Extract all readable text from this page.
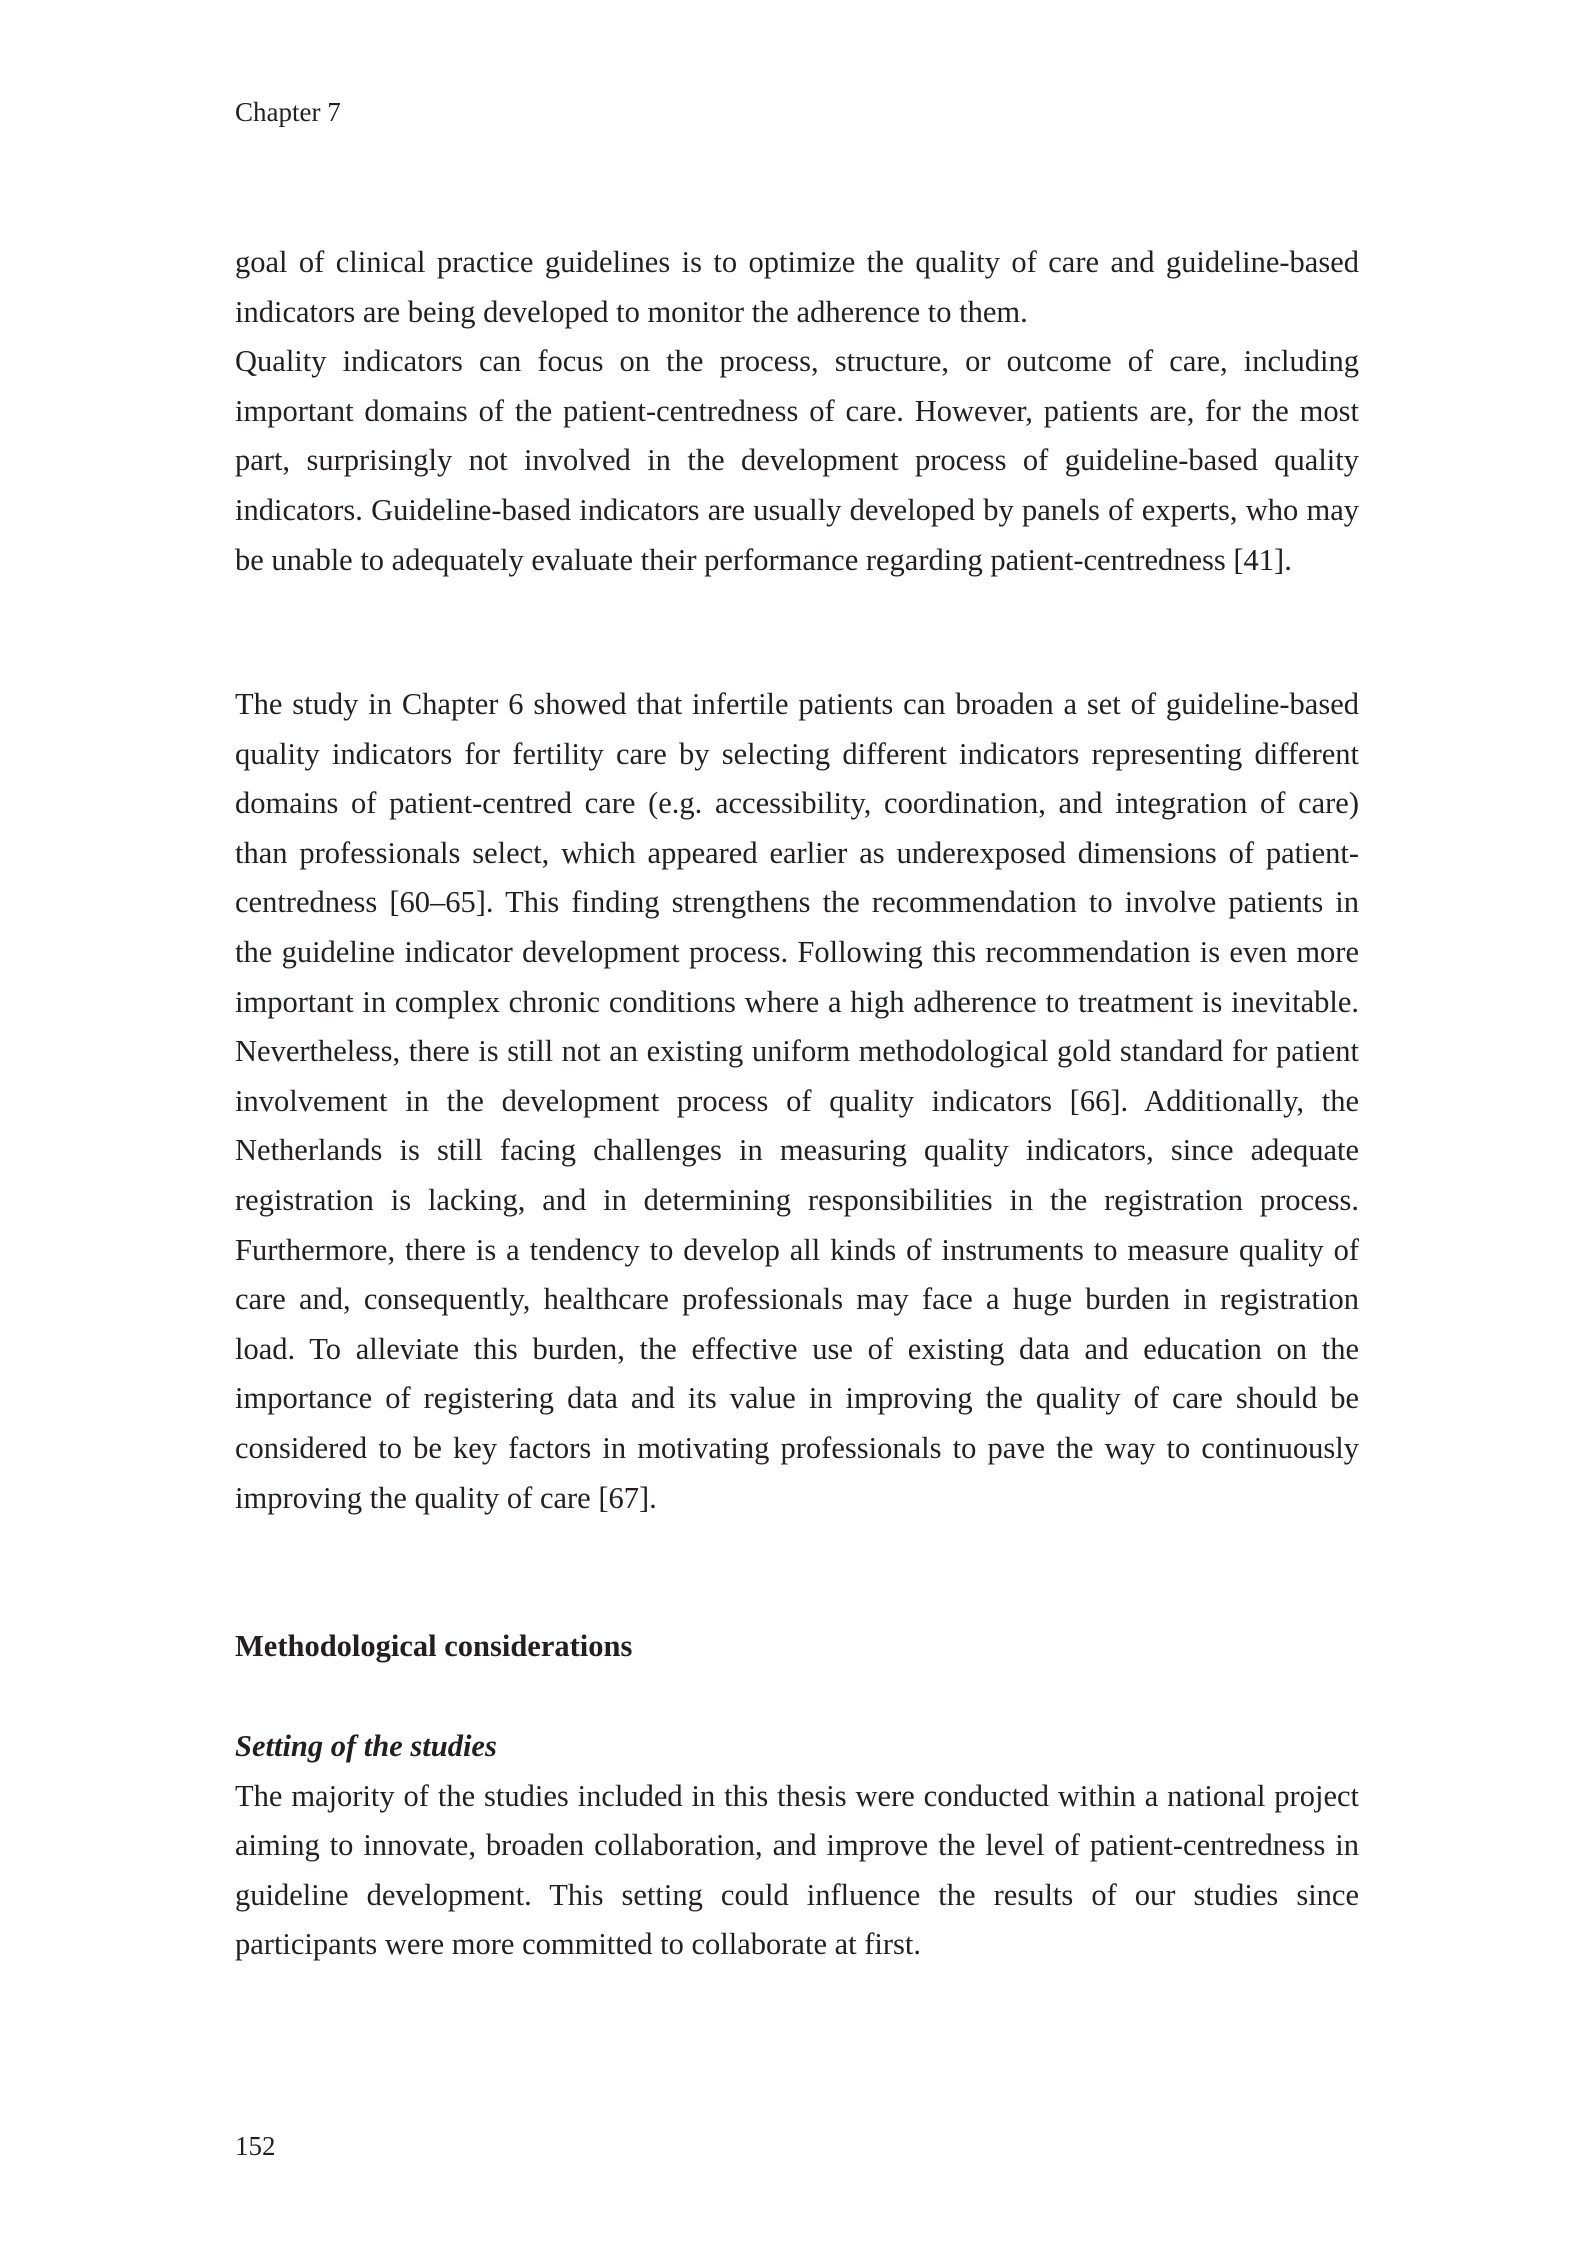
Chapter 7

goal of clinical practice guidelines is to optimize the quality of care and guideline-based indicators are being developed to monitor the adherence to them.

Quality indicators can focus on the process, structure, or outcome of care, including important domains of the patient-centredness of care. However, patients are, for the most part, surprisingly not involved in the development process of guideline-based quality indicators. Guideline-based indicators are usually developed by panels of experts, who may be unable to adequately evaluate their performance regarding patient-centredness [41].

The study in Chapter 6 showed that infertile patients can broaden a set of guideline-based quality indicators for fertility care by selecting different indicators representing different domains of patient-centred care (e.g. accessibility, coordination, and integration of care) than professionals select, which appeared earlier as underexposed dimensions of patient-centredness [60–65]. This finding strengthens the recommendation to involve patients in the guideline indicator development process. Following this recommendation is even more important in complex chronic conditions where a high adherence to treatment is inevitable. Nevertheless, there is still not an existing uniform methodological gold standard for patient involvement in the development process of quality indicators [66]. Additionally, the Netherlands is still facing challenges in measuring quality indicators, since adequate registration is lacking, and in determining responsibilities in the registration process. Furthermore, there is a tendency to develop all kinds of instruments to measure quality of care and, consequently, healthcare professionals may face a huge burden in registration load. To alleviate this burden, the effective use of existing data and education on the importance of registering data and its value in improving the quality of care should be considered to be key factors in motivating professionals to pave the way to continuously improving the quality of care [67].

Methodological considerations
Setting of the studies

The majority of the studies included in this thesis were conducted within a national project aiming to innovate, broaden collaboration, and improve the level of patient-centredness in guideline development. This setting could influence the results of our studies since participants were more committed to collaborate at first.

152
